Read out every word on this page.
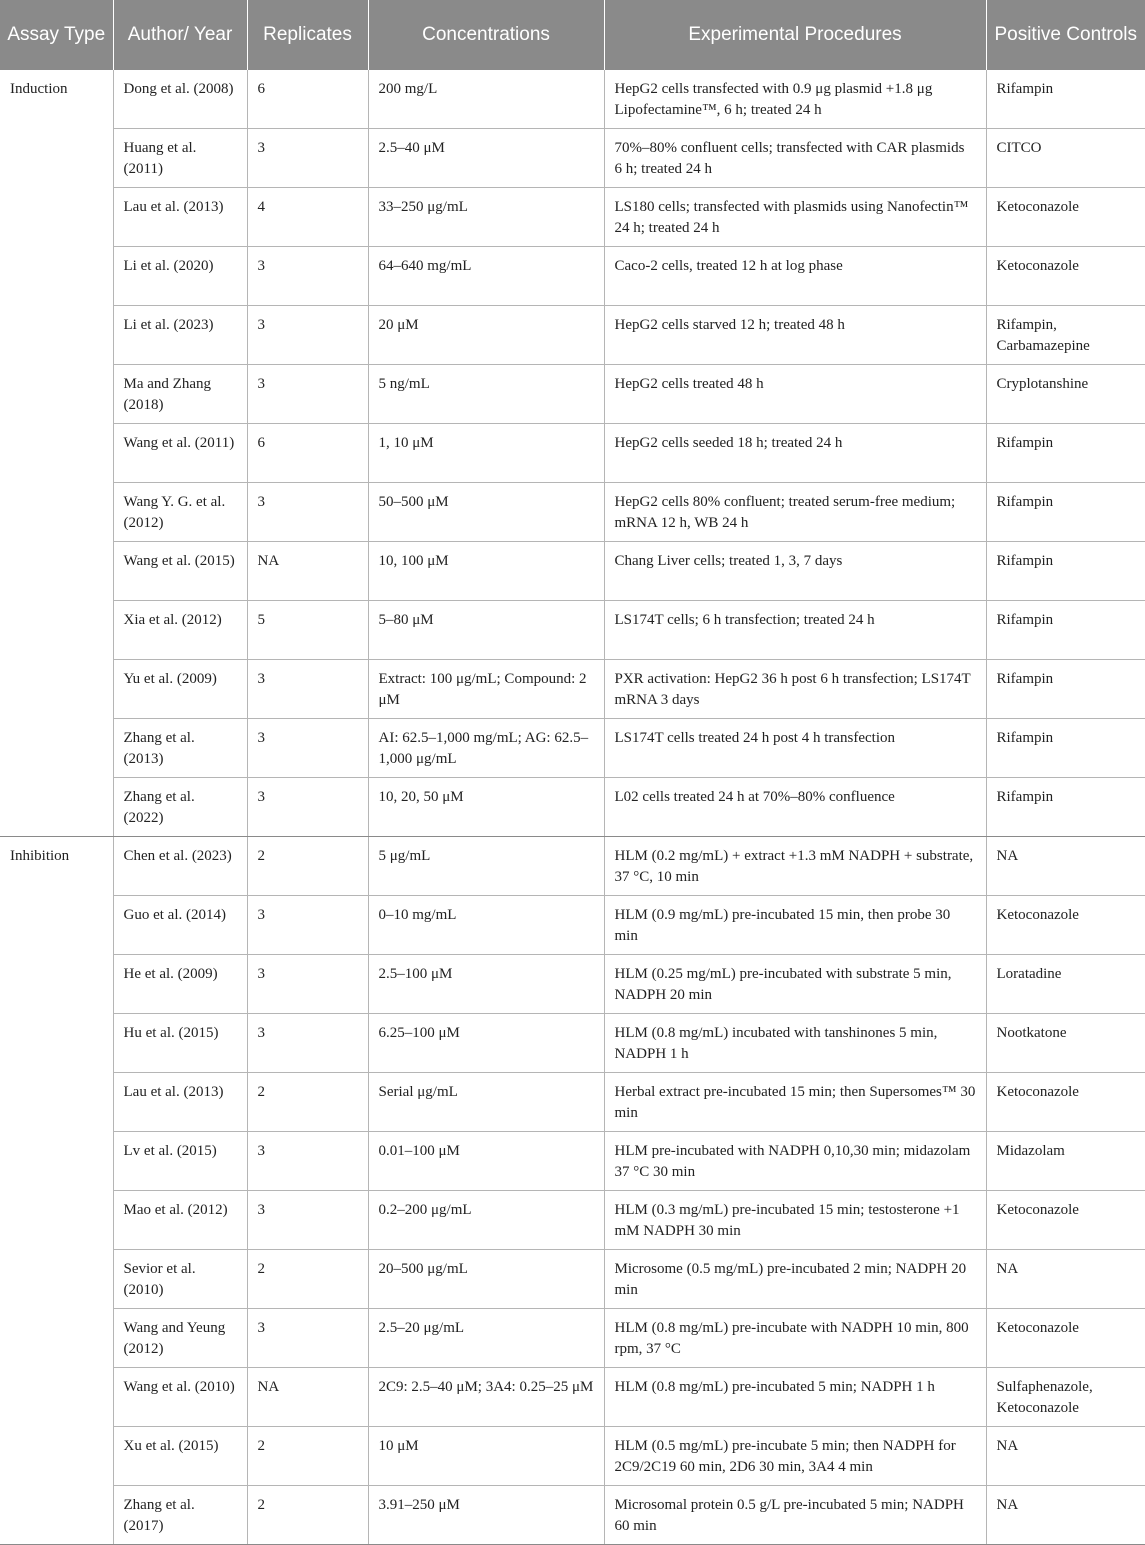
Assay Type	Author/ Year	Replicates	Concentrations	Experimental Procedures	Positive Controls
Induction	Dong et al. (2008)	6	200 mg/L	HepG2 cells transfected with 0.9 μg plasmid +1.8 μg Lipofectamine™, 6 h; treated 24 h	Rifampin
	Huang et al. (2011)	3	2.5–40 μM	70%–80% confluent cells; transfected with CAR plasmids 6 h; treated 24 h	CITCO
	Lau et al. (2013)	4	33–250 μg/mL	LS180 cells; transfected with plasmids using Nanofectin™ 24 h; treated 24 h	Ketoconazole
	Li et al. (2020)	3	64–640 mg/mL	Caco-2 cells, treated 12 h at log phase	Ketoconazole
	Li et al. (2023)	3	20 μM	HepG2 cells starved 12 h; treated 48 h	Rifampin, Carbamazepine
	Ma and Zhang (2018)	3	5 ng/mL	HepG2 cells treated 48 h	Cryplotanshine
	Wang et al. (2011)	6	1, 10 μM	HepG2 cells seeded 18 h; treated 24 h	Rifampin
	Wang Y. G. et al. (2012)	3	50–500 μM	HepG2 cells 80% confluent; treated serum-free medium; mRNA 12 h, WB 24 h	Rifampin
	Wang et al. (2015)	NA	10, 100 μM	Chang Liver cells; treated 1, 3, 7 days	Rifampin
	Xia et al. (2012)	5	5–80 μM	LS174T cells; 6 h transfection; treated 24 h	Rifampin
	Yu et al. (2009)	3	Extract: 100 μg/mL; Compound: 2 μM	PXR activation: HepG2 36 h post 6 h transfection; LS174T mRNA 3 days	Rifampin
	Zhang et al. (2013)	3	AI: 62.5–1,000 mg/mL; AG: 62.5–1,000 μg/mL	LS174T cells treated 24 h post 4 h transfection	Rifampin
	Zhang et al. (2022)	3	10, 20, 50 μM	L02 cells treated 24 h at 70%–80% confluence	Rifampin
Inhibition	Chen et al. (2023)	2	5 μg/mL	HLM (0.2 mg/mL) + extract +1.3 mM NADPH + substrate, 37 °C, 10 min	NA
	Guo et al. (2014)	3	0–10 mg/mL	HLM (0.9 mg/mL) pre-incubated 15 min, then probe 30 min	Ketoconazole
	He et al. (2009)	3	2.5–100 μM	HLM (0.25 mg/mL) pre-incubated with substrate 5 min, NADPH 20 min	Loratadine
	Hu et al. (2015)	3	6.25–100 μM	HLM (0.8 mg/mL) incubated with tanshinones 5 min, NADPH 1 h	Nootkatone
	Lau et al. (2013)	2	Serial μg/mL	Herbal extract pre-incubated 15 min; then Supersomes™ 30 min	Ketoconazole
	Lv et al. (2015)	3	0.01–100 μM	HLM pre-incubated with NADPH 0,10,30 min; midazolam 37 °C 30 min	Midazolam
	Mao et al. (2012)	3	0.2–200 μg/mL	HLM (0.3 mg/mL) pre-incubated 15 min; testosterone +1 mM NADPH 30 min	Ketoconazole
	Sevior et al. (2010)	2	20–500 μg/mL	Microsome (0.5 mg/mL) pre-incubated 2 min; NADPH 20 min	NA
	Wang and Yeung (2012)	3	2.5–20 μg/mL	HLM (0.8 mg/mL) pre-incubate with NADPH 10 min, 800 rpm, 37 °C	Ketoconazole
	Wang et al. (2010)	NA	2C9: 2.5–40 μM; 3A4: 0.25–25 μM	HLM (0.8 mg/mL) pre-incubated 5 min; NADPH 1 h	Sulfaphenazole, Ketoconazole
	Xu et al. (2015)	2	10 μM	HLM (0.5 mg/mL) pre-incubate 5 min; then NADPH for 2C9/2C19 60 min, 2D6 30 min, 3A4 4 min	NA
	Zhang et al. (2017)	2	3.91–250 μM	Microsomal protein 0.5 g/L pre-incubated 5 min; NADPH 60 min	NA
